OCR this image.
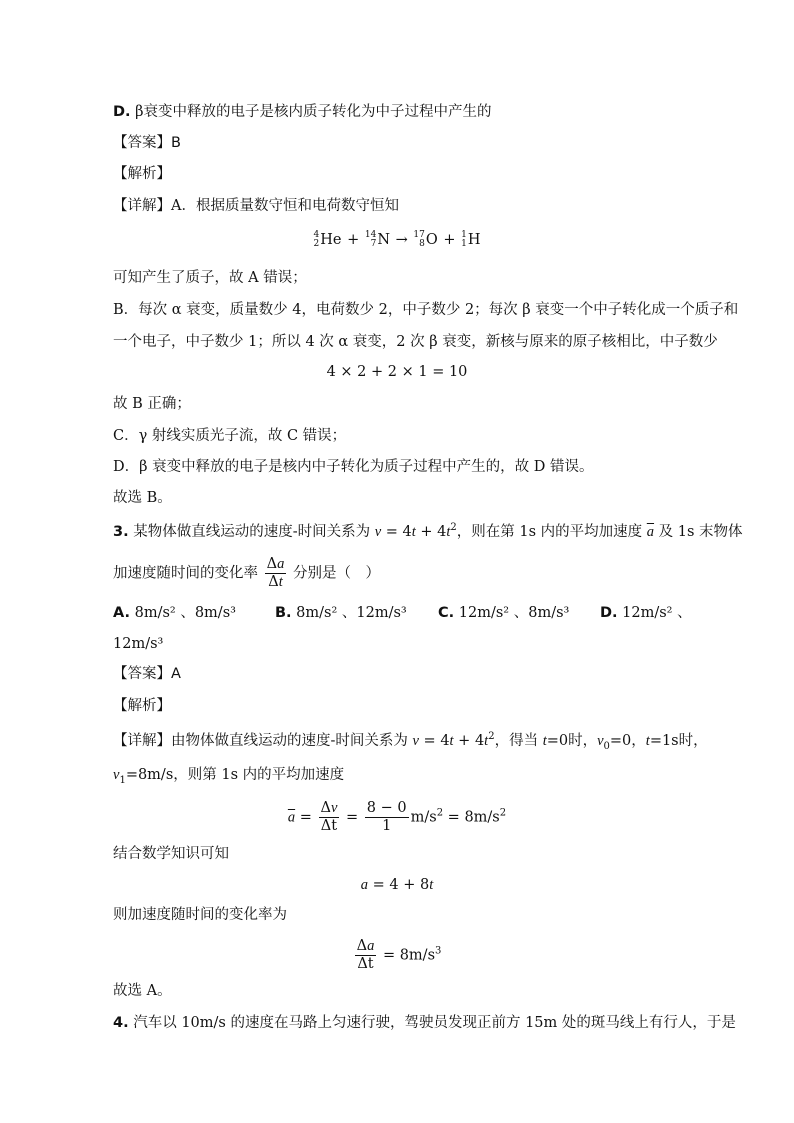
D. β衰变中释放的电子是核内质子转化为中子过程中产生的
【答案】B
【解析】
【详解】A．根据质量数守恒和电荷数守恒知
4
2 He + 14
7 N → 17
8 O + 1
1 H
可知产生了质子，故 A 错误；
B．每次 α 衰变，质量数少 4，电荷数少 2，中子数少 2；每次 β 衰变一个中子转化成一个质子和
一个电子，中子数少 1；所以 4 次 α 衰变，2 次 β 衰变，新核与原来的原子核相比，中子数少
4 × 2 + 2 × 1 = 10
故 B 正确；
C．γ 射线实质光子流，故 C 错误；
D．β 衰变中释放的电子是核内中子转化为质子过程中产生的，故 D 错误。
故选 B。
3. 某物体做直线运动的速度-时间关系为 $v = 4t + 4t^2$，则在第 1s 内的平均加速度 $\overline{a}$ 及 1s 末物体
加速度随时间的变化率 $\frac{\Delta a}{\Delta t}$ 分别是（　）
A. 8m/s² 、8m/s³	B. 8m/s² 、12m/s³ C. 12m/s² 、8m/s³ D. 12m/s² 、
12m/s³
【答案】A
【解析】
【详解】由物体做直线运动的速度-时间关系为 $v = 4t + 4t^2$，得当 t=0时，$v_0=0$，t=1s时，
$v_1=8m/s$，则第 1s 内的平均加速度
$\overline{a} = \frac{\Delta v}{\Delta t} = \frac{8 - 0}{1} m/s^2 = 8m/s^2$
结合数学知识可知
a = 4 + 8t
则加速度随时间的变化率为
$\frac{\Delta a}{\Delta t} = 8m/s^3$
故选 A。
4. 汽车以 10m/s 的速度在马路上匀速行驶，驾驶员发现正前方 15m 处的斑马线上有行人，于是
